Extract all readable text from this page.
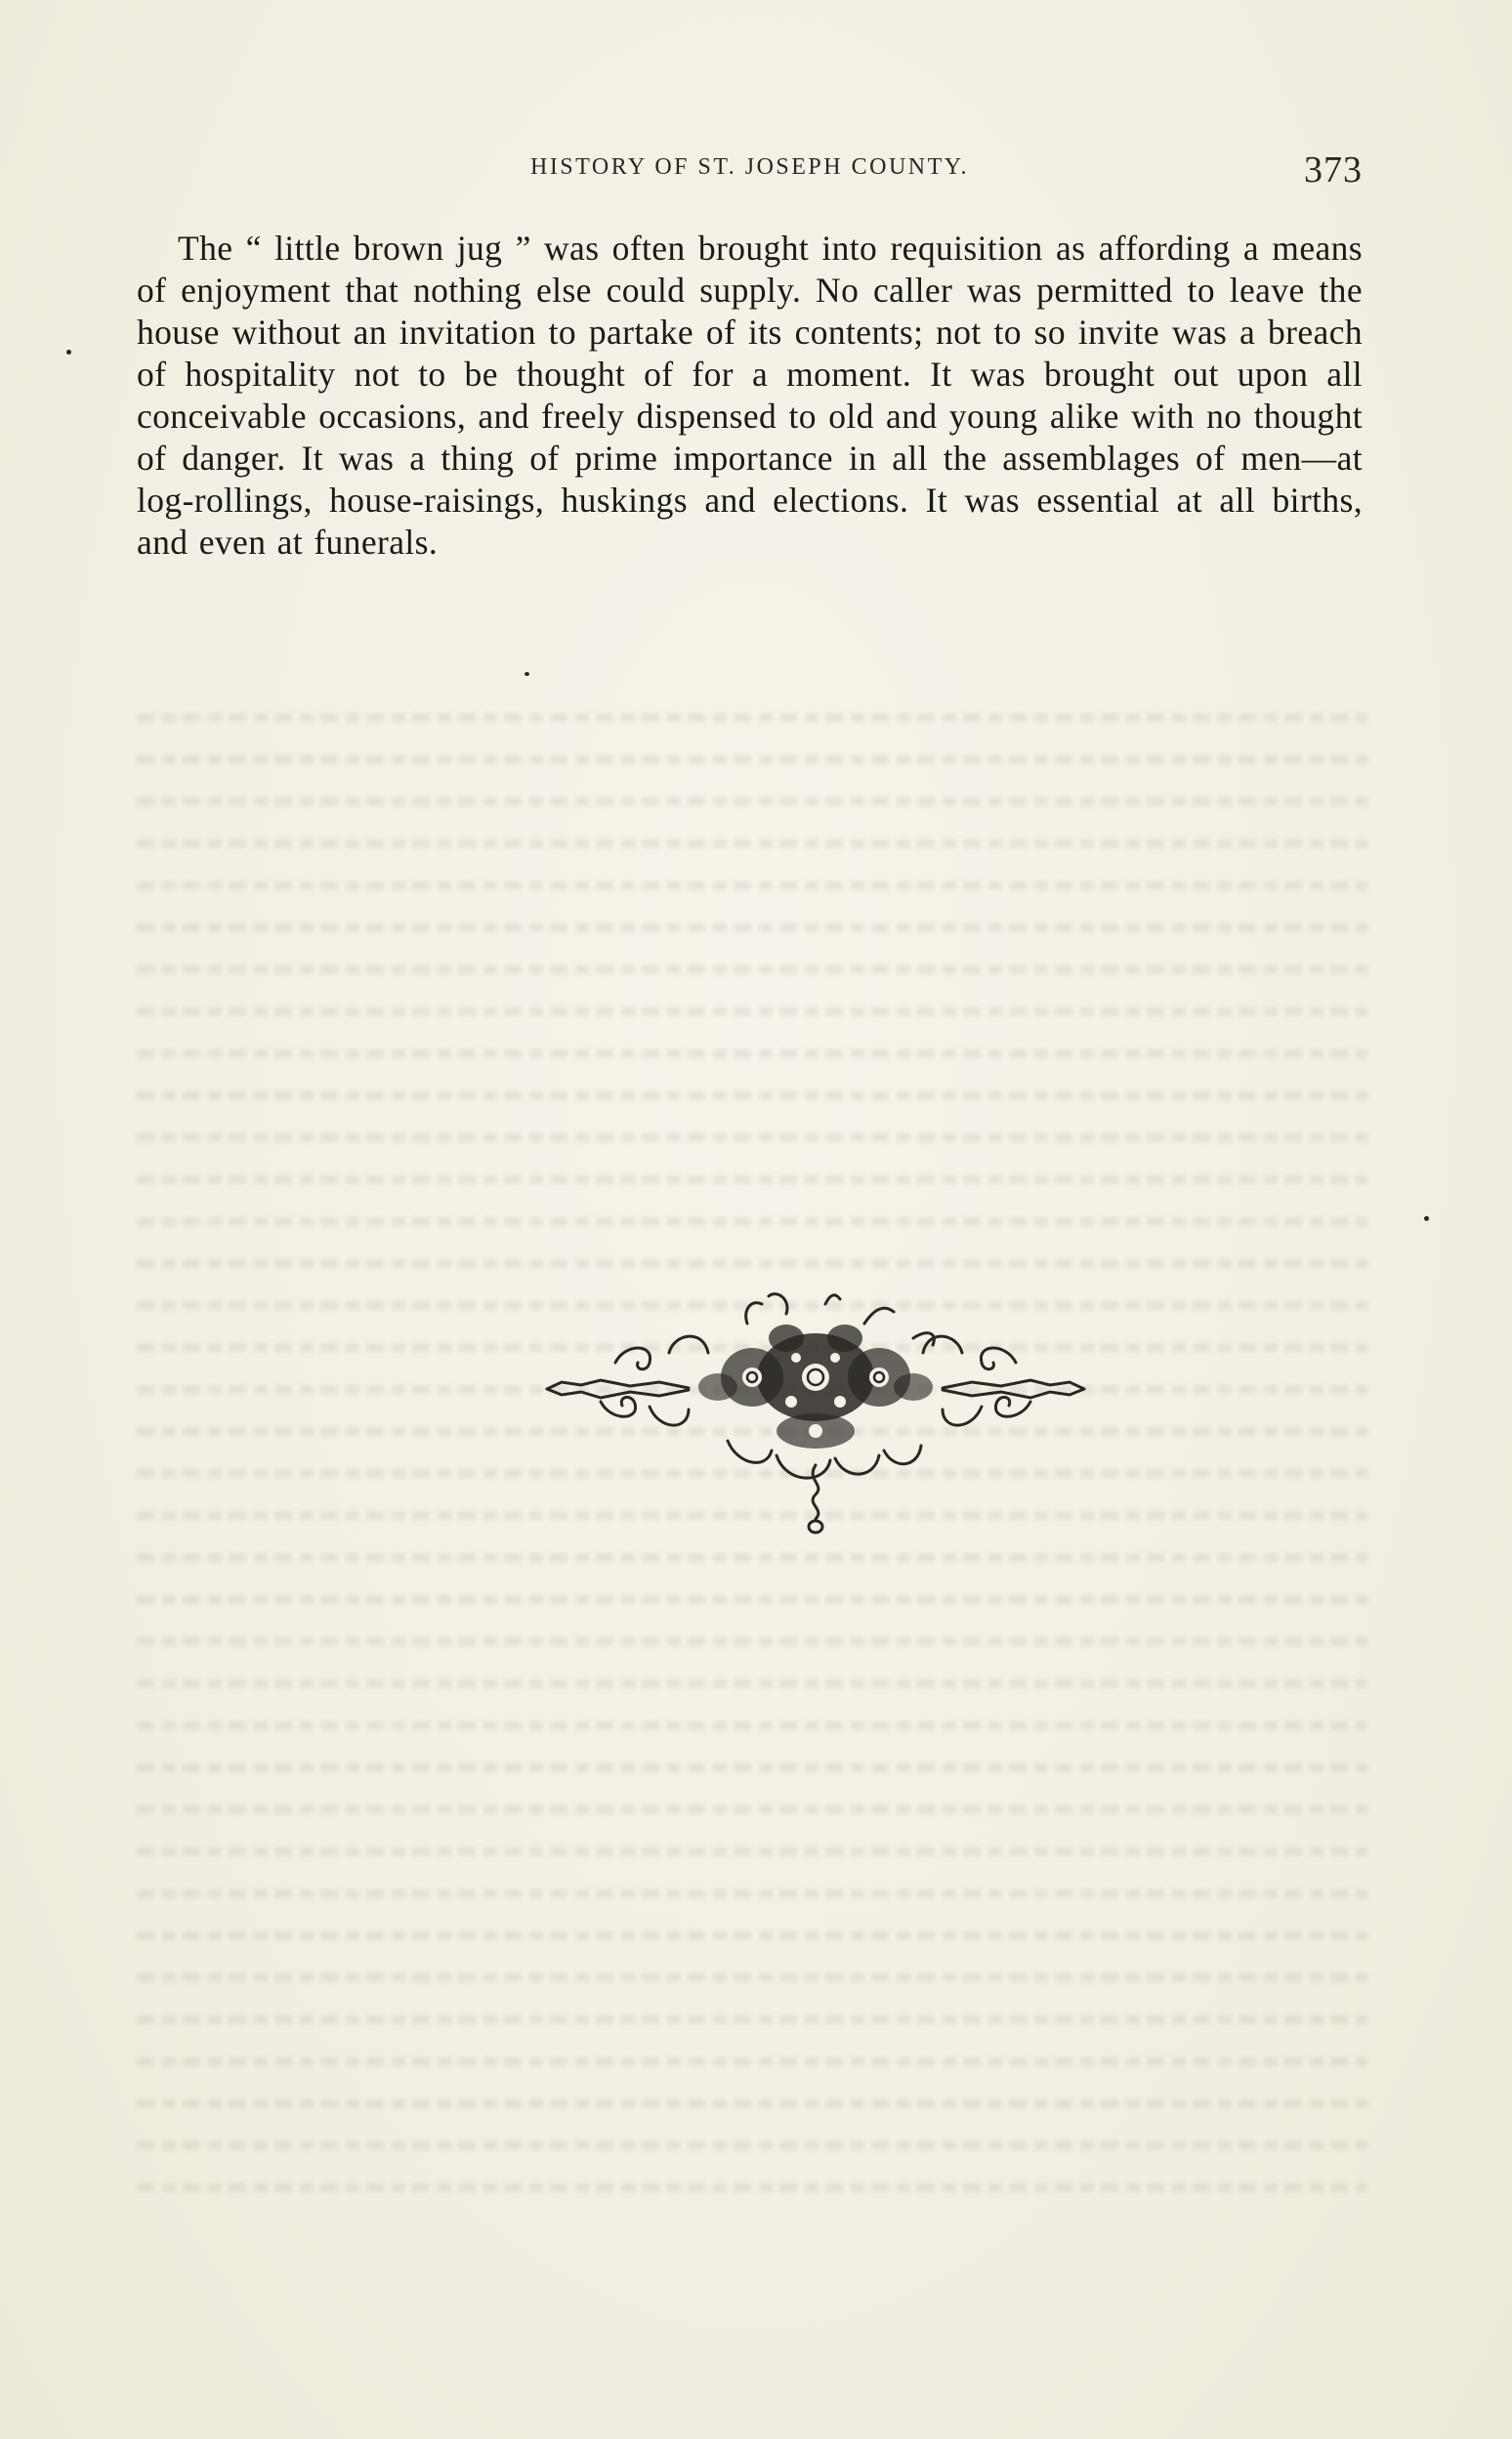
HISTORY OF ST. JOSEPH COUNTY.	373

The “ little brown jug ” was often brought into requisition as affording a means of enjoyment that nothing else could supply. No caller was permitted to leave the house without an invitation to partake of its contents; not to so invite was a breach of hospitality not to be thought of for a moment. It was brought out upon all conceivable occasions, and freely dispensed to old and young alike with no thought of danger. It was a thing of prime importance in all the assemblages of men—at log-rollings, house-raisings, huskings and elections. It was essential at all births, and even at funerals.
